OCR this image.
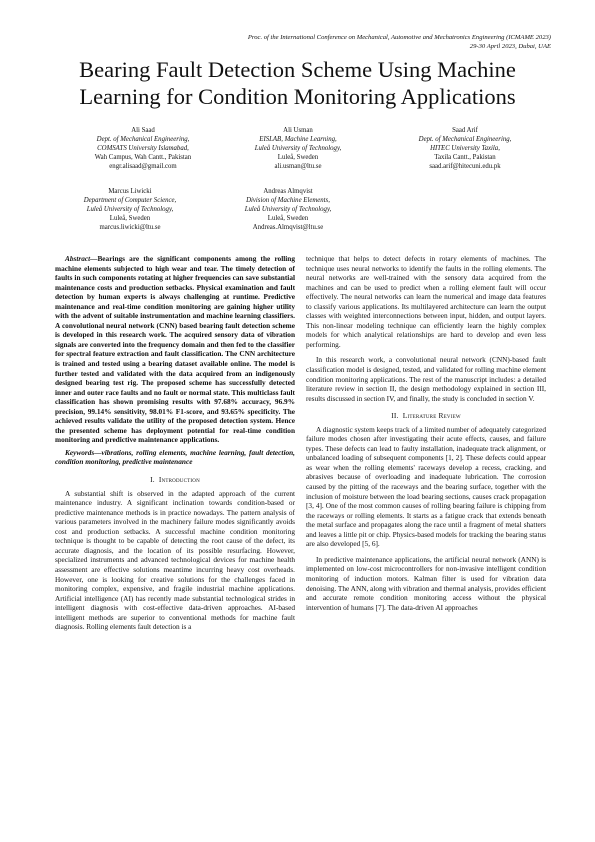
Proc. of the International Conference on Mechanical, Automotive and Mechatronics Engineering (ICMAME 2023)
29-30 April 2023, Dubai, UAE
Bearing Fault Detection Scheme Using Machine
Learning for Condition Monitoring Applications
Ali Saad
Dept. of Mechanical Engineering,
COMSATS University Islamabad,
Wah Campus, Wah Cantt., Pakistan
engr.alisaad@gmail.com
Ali Usman
EISLAB, Machine Learning,
Luleå University of Technology,
Luleå, Sweden
ali.usman@ltu.se
Saad Arif
Dept. of Mechanical Engineering,
HITEC University Taxila,
Taxila Cantt., Pakistan
saad.arif@hitecuni.edu.pk
Marcus Liwicki
Department of Computer Science,
Luleå University of Technology,
Luleå, Sweden
marcus.liwicki@ltu.se
Andreas Almqvist
Division of Machine Elements,
Luleå University of Technology,
Luleå, Sweden
Andreas.Almqvist@ltu.se

Abstract—Bearings are the significant components among the rolling machine elements subjected to high wear and tear. The timely detection of faults in such components rotating at higher frequencies can save substantial maintenance costs and production setbacks. Physical examination and fault detection by human experts is always challenging at runtime. Predictive maintenance and real-time condition monitoring are gaining higher utility with the advent of suitable instrumentation and machine learning classifiers. A convolutional neural network (CNN) based bearing fault detection scheme is developed in this research work. The acquired sensory data of vibration signals are converted into the frequency domain and then fed to the classifier for spectral feature extraction and fault classification. The CNN architecture is trained and tested using a bearing dataset available online. The model is further tested and validated with the data acquired from an indigenously designed bearing test rig. The proposed scheme has successfully detected inner and outer race faults and no fault or normal state. This multiclass fault classification has shown promising results with 97.68% accuracy, 96.9% precision, 99.14% sensitivity, 98.01% F1-score, and 93.65% specificity. The achieved results validate the utility of the proposed detection system. Hence the presented scheme has deployment potential for real-time condition monitoring and predictive maintenance applications.

Keywords—vibrations, rolling elements, machine learning, fault detection, condition monitoring, predictive maintenance

I. Introduction

A substantial shift is observed in the adapted approach of the current maintenance industry. A significant inclination towards condition-based or predictive maintenance methods is in practice nowadays. The pattern analysis of various parameters involved in the machinery failure modes significantly avoids cost and production setbacks. A successful machine condition monitoring technique is thought to be capable of detecting the root cause of the defect, its accurate diagnosis, and the location of its possible resurfacing. However, specialized instruments and advanced technological devices for machine health assessment are effective solutions meantime incurring heavy cost overheads. However, one is looking for creative solutions for the challenges faced in monitoring complex, expensive, and fragile industrial machine applications. Artificial intelligence (AI) has recently made substantial technological strides in intelligent diagnosis with cost-effective data-driven approaches. AI-based intelligent methods are superior to conventional methods for machine fault diagnosis. Rolling elements fault detection is a

technique that helps to detect defects in rotary elements of machines. The technique uses neural networks to identify the faults in the rolling elements. The neural networks are well-trained with the sensory data acquired from the machines and can be used to predict when a rolling element fault will occur effectively. The neural networks can learn the numerical and image data features to classify various applications. Its multilayered architecture can learn the output classes with weighted interconnections between input, hidden, and output layers. This non-linear modeling technique can efficiently learn the highly complex models for which analytical relationships are hard to develop and even less performing.

In this research work, a convolutional neural network (CNN)-based fault classification model is designed, tested, and validated for rolling machine element condition monitoring applications. The rest of the manuscript includes: a detailed literature review in section II, the design methodology explained in section III, results discussed in section IV, and finally, the study is concluded in section V.

II. Literature Review

A diagnostic system keeps track of a limited number of adequately categorized failure modes chosen after investigating their acute effects, causes, and failure types. These defects can lead to faulty installation, inadequate track alignment, or unbalanced loading of subsequent components [1, 2]. These defects could appear as wear when the rolling elements' raceways develop a recess, cracking, and abrasives because of overloading and inadequate lubrication. The corrosion caused by the pitting of the raceways and the bearing surface, together with the inclusion of moisture between the load bearing sections, causes crack propagation [3, 4]. One of the most common causes of rolling bearing failure is chipping from the raceways or rolling elements. It starts as a fatigue crack that extends beneath the metal surface and propagates along the race until a fragment of metal shatters and leaves a little pit or chip. Physics-based models for tracking the bearing status are also developed [5, 6].

In predictive maintenance applications, the artificial neural network (ANN) is implemented on low-cost microcontrollers for non-invasive intelligent condition monitoring of induction motors. Kalman filter is used for vibration data denoising. The ANN, along with vibration and thermal analysis, provides efficient and accurate remote condition monitoring access without the physical intervention of humans [7]. The data-driven AI approaches
